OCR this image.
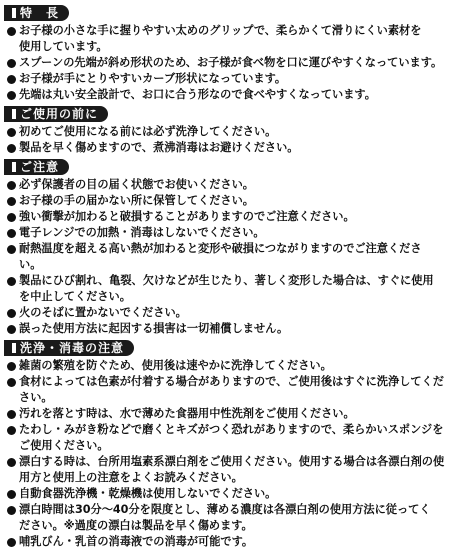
特　長
お子様の小さな手に握りやすい太めのグリップで、柔らかくて滑りにくい素材を
使用しています。
スプーンの先端が斜め形状のため、お子様が食べ物を口に運びやすくなっています。
お子様が手にとりやすいカーブ形状になっています。
先端は丸い安全設計で、お口に合う形なので食べやすくなっています。
ご使用の前に
初めてご使用になる前には必ず洗浄してください。
製品を早く傷めますので、煮沸消毒はお避けください。
ご注意
必ず保護者の目の届く状態でお使いください。
お子様の手の届かない所に保管してください。
強い衝撃が加わると破損することがありますのでご注意ください。
電子レンジでの加熱・消毒はしないでください。
耐熱温度を超える高い熱が加わると変形や破損につながりますのでご注意くださ
い。
製品にひび割れ、亀裂、欠けなどが生じたり、著しく変形した場合は、すぐに使用
を中止してください。
火のそばに置かないでください。
誤った使用方法に起因する損害は一切補償しません。
洗浄・消毒の注意
雑菌の繁殖を防ぐため、使用後は速やかに洗浄してください。
食材によっては色素が付着する場合がありますので、ご使用後はすぐに洗浄してくだ
さい。
汚れを落とす時は、水で薄めた食器用中性洗剤をご使用ください。
たわし・みがき粉などで磨くとキズがつく恐れがありますので、柔らかいスポンジを
ご使用ください。
漂白する時は、台所用塩素系漂白剤をご使用ください。使用する場合は各漂白剤の使
用方と使用上の注意をよくお読みください。
自動食器洗浄機・乾燥機は使用しないでください。
漂白時間は30分〜40分を限度とし、薄める濃度は各漂白剤の使用方法に従ってく
ださい。※過度の漂白は製品を早く傷めます。
哺乳びん・乳首の消毒液での消毒が可能です。
